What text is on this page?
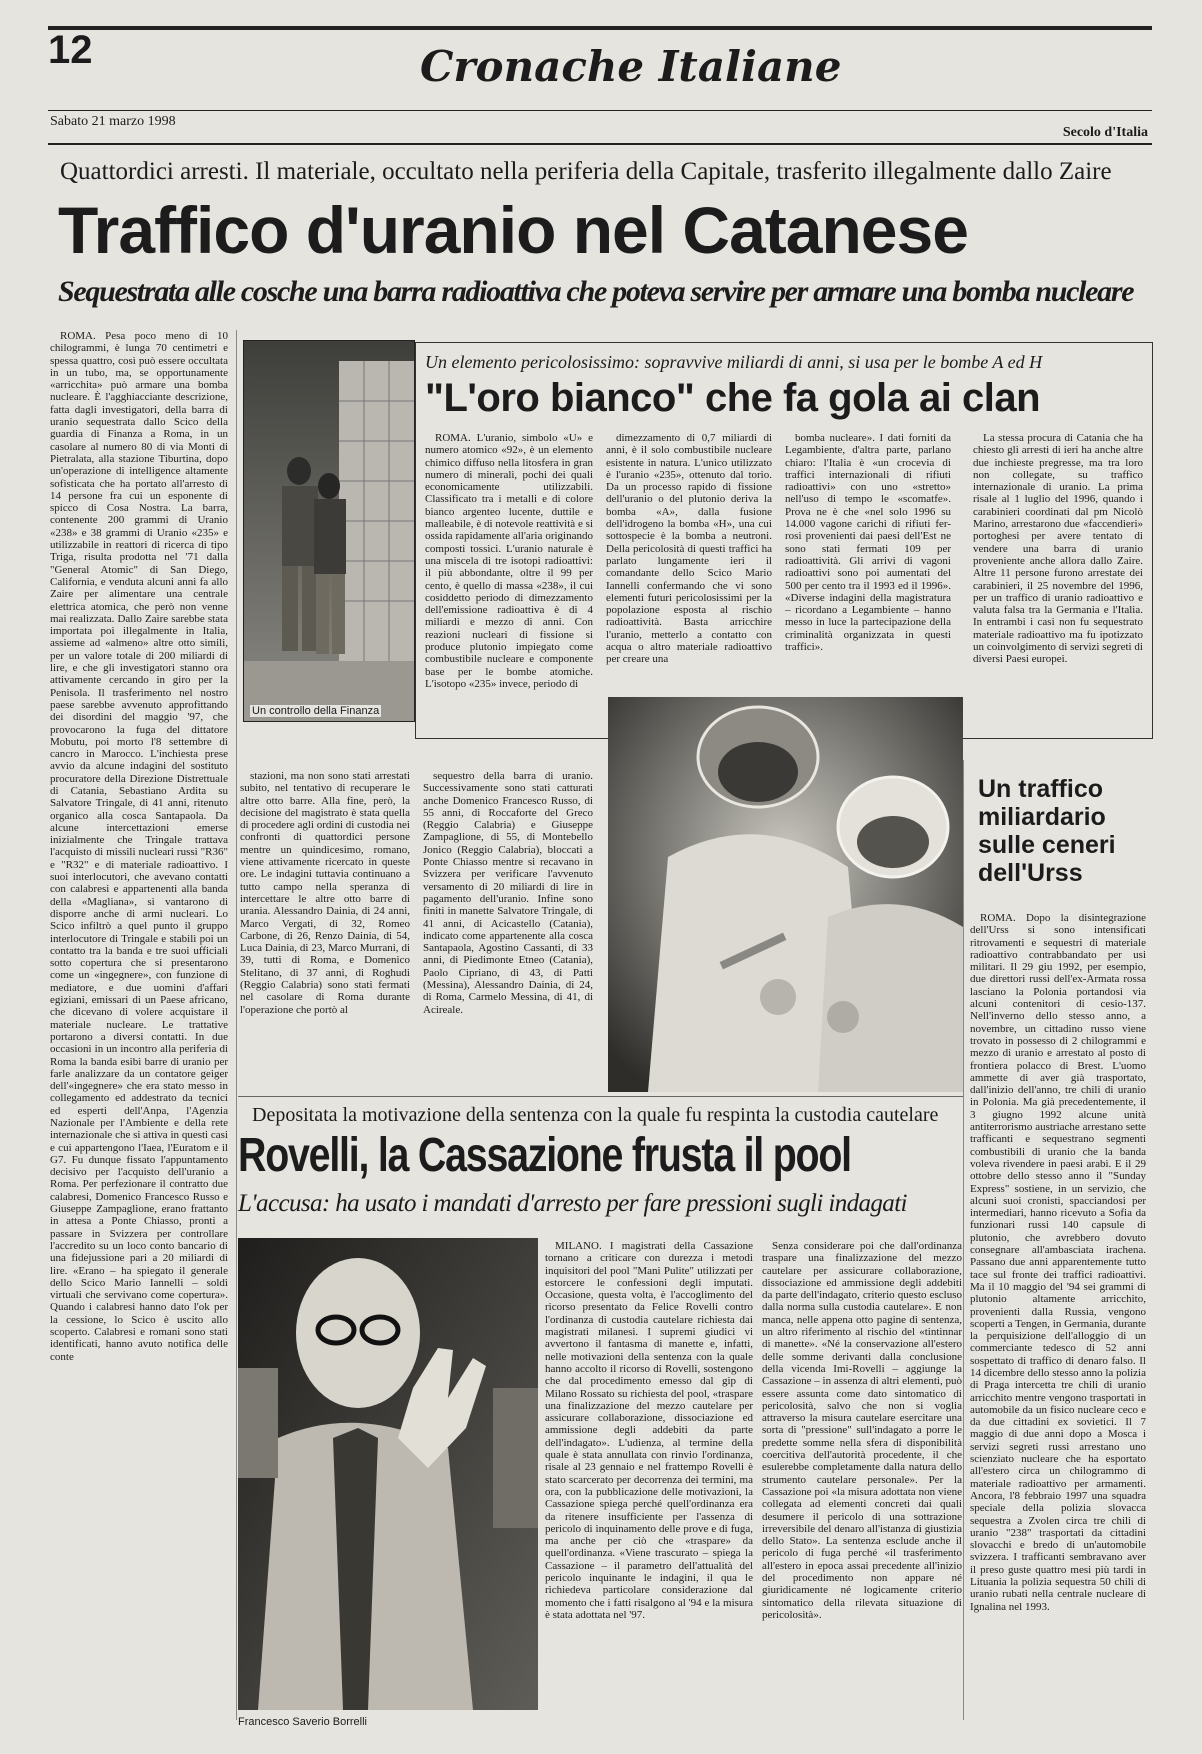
12	Cronache Italiane
Sabato 21 marzo 1998
Secolo d'Italia
Quattordici arresti. Il materiale, occultato nella periferia della Capitale, trasferito illegalmente dallo Zaire
Traffico d'uranio nel Catanese
Sequestrata alle cosche una barra radioattiva che poteva servire per armare una bomba nucleare

ROMA. Pesa poco meno di 10 chilogrammi, è lunga 70 centimetri e spessa quattro, così può essere occultata in un tubo, ma, se opportunamente «arricchita» può armare una bomba nucleare. È l'agghiacciante descrizione, fatta dagli investigatori, della barra di uranio sequestrata dallo Scico della guardia di Finanza a Roma, in un casolare al numero 80 di via Monti di Pietralata, alla stazione Tiburtina, dopo un'operazione di intelligence altamente sofisticata che ha portato all'arresto di 14 persone fra cui un esponente di spicco di Cosa Nostra. La barra, contenente 200 grammi di Uranio «238» e 38 grammi di Uranio «235» e utilizzabile in reattori di ricerca di tipo Triga, risulta prodotta nel '71 dalla "General Atomic" di San Diego, California, e venduta alcuni anni fa allo Zaire per alimentare una centrale elettrica atomica, che però non venne mai realizzata. Dallo Zaire sarebbe stata importata poi illegalmente in Italia, assieme ad «almeno» altre otto simili, per un valore totale di 200 miliardi di lire, e che gli investigatori stanno ora attivamente cercando in giro per la Penisola. Il trasferimento nel nostro paese sarebbe avvenuto approfittando dei disordini del maggio '97, che provocarono la fuga del dittatore Mobutu, poi morto l'8 settembre di cancro in Marocco. L'inchiesta prese avvio da alcune indagini del sostituto procuratore della Direzione Distrettuale di Catania, Sebastiano Ardita su Salvatore Tringale, di 41 anni, ritenuto organico alla cosca Santapaola. Da alcune intercettazioni emerse inizialmente che Tringale trattava l'acquisto di missili nucleari russi "R36" e "R32" e di materiale radioattivo. I suoi interlocutori, che avevano contatti con calabresi e appartenenti alla banda della «Magliana», si vantarono di disporre anche di armi nucleari. Lo Scico infiltrò a quel punto il gruppo interlocutore di Tringale e stabilì poi un contatto tra la banda e tre suoi ufficiali sotto copertura che si presentarono come un «ingegnere», con funzione di mediatore, e due uomini d'affari egiziani, emissari di un Paese africano, che dicevano di volere acquistare il materiale nucleare. Le trattative portarono a diversi contatti. In due occasioni in un incontro alla periferia di Roma la banda esibì barre di uranio per farle analizzare da un contatore geiger dell'«ingegnere» che era stato messo in collegamento ed addestrato da tecnici ed esperti dell'Anpa, l'Agenzia Nazionale per l'Ambiente e della rete internazionale che si attiva in questi casi e cui appartengono l'Iaea, l'Euratom e il G7. Fu dunque fissato l'appuntamento decisivo per l'acquisto dell'uranio a Roma. Per perfezionare il contratto due calabresi, Domenico Francesco Russo e Giuseppe Zampaglione, erano frattanto in attesa a Ponte Chiasso, pronti a passare in Svizzera per controllare l'accredito su un loco conto bancario di una fidejussione pari a 20 miliardi di lire. «Erano – ha spiegato il generale dello Scico Mario Iannelli – soldi virtuali che servivano come copertura». Quando i calabresi hanno dato l'ok per la cessione, lo Scico è uscito allo scoperto. Calabresi e romani sono stati identificati, hanno avuto notifica delle conte

Un controllo della Finanza
Un elemento pericolosissimo: sopravvive miliardi di anni, si usa per le bombe A ed H
"L'oro bianco" che fa gola ai clan

ROMA. L'uranio, simbolo «U» e numero atomico «92», è un elemento chimico diffuso nella litosfera in gran numero di minerali, pochi dei quali economicamente utilizzabili. Classificato tra i metalli e di colore bianco argenteo lucente, duttile e malleabile, è di notevole reattività e si ossida rapidamente all'aria originando composti tossici. L'uranio naturale è una miscela di tre isotopi radioattivi: il più abbondante, oltre il 99 per cento, è quello di massa «238», il cui cosiddetto periodo di dimezzamento dell'emissione radioattiva è di 4 miliardi e mezzo di anni. Con reazioni nucleari di fissione si produce plutonio impiegato come combustibile nucleare e componente base per le bombe atomiche. L'isotopo «235» invece, periodo di

dimezzamento di 0,7 miliardi di anni, è il solo combustibile nucleare esistente in natura. L'unico utilizzato è l'uranio «235», ottenuto dal torio. Da un processo rapido di fissione dell'uranio o del plutonio deriva la bomba «A», dalla fusione dell'idrogeno la bomba «H», una cui sottospecie è la bomba a neutroni. Della pericolosità di questi traffici ha parlato lungamente ieri il comandante dello Scico Mario Iannelli confermando che vi sono elementi futuri pericolosissimi per la popolazione esposta al rischio radioattività. Basta arricchire l'uranio, metterlo a contatto con acqua o altro materiale radioattivo per creare una

bomba nucleare». I dati forniti da Legambiente, d'altra parte, parlano chiaro: l'Italia è «un crocevia di traffici internazionali di rifiuti radioattivi» con uno «stretto» nell'uso di tempo le «scomatfe». Prova ne è che «nel solo 1996 su 14.000 vagone carichi di rifiuti fer- rosi provenienti dai paesi dell'Est ne sono stati fermati 109 per radioattività. Gli arrivi di vagoni radioattivi sono poi aumentati del 500 per cento tra il 1993 ed il 1996». «Diverse indagini della magistratura – ricordano a Legambiente – hanno messo in luce la partecipazione della criminalità organizzata in questi traffici».

La stessa procura di Catania che ha chiesto gli arresti di ieri ha anche altre due inchieste pregresse, ma tra loro non collegate, su traffico internazionale di uranio. La prima risale al 1 luglio del 1996, quando i carabinieri coordinati dal pm Nicolò Marino, arrestarono due «faccendieri» portoghesi per avere tentato di vendere una barra di uranio proveniente anche allora dallo Zaire. Altre 11 persone furono arrestate dei carabinieri, il 25 novembre del 1996, per un traffico di uranio radioattivo e valuta falsa tra la Germania e l'Italia. In entrambi i casi non fu sequestrato materiale radioattivo ma fu ipotizzato un coinvolgimento di servizi segreti di diversi Paesi europei.

Un traffico miliardario sulle ceneri dell'Urss

ROMA. Dopo la disintegrazione dell'Urss si sono intensificati ritrovamenti e sequestri di materiale radioattivo contrabbandato per usi militari. Il 29 giu 1992, per esempio, due direttori russi dell'ex-Armata rossa lasciano la Polonia portandosi via alcuni contenitori di cesio-137. Nell'inverno dello stesso anno, a novembre, un cittadino russo viene trovato in possesso di 2 chilogrammi e mezzo di uranio e arrestato al posto di frontiera polacco di Brest. L'uomo ammette di aver già trasportato, dall'inizio dell'anno, tre chili di uranio in Polonia. Ma già precedentemente, il 3 giugno 1992 alcune unità antiterrorismo austriache arrestano sette trafficanti e sequestrano segmenti combustibili di uranio che la banda voleva rivendere in paesi arabi. E il 29 ottobre dello stesso anno il "Sunday Express" sostiene, in un servizio, che alcuni suoi cronisti, spacciandosi per intermediari, hanno ricevuto a Sofia da funzionari russi 140 capsule di plutonio, che avrebbero dovuto consegnare all'ambasciata irachena. Passano due anni apparentemente tutto tace sul fronte dei traffici radioattivi. Ma il 10 maggio del '94 sei grammi di plutonio altamente arricchito, provenienti dalla Russia, vengono scoperti a Tengen, in Germania, durante la perquisizione dell'alloggio di un commerciante tedesco di 52 anni sospettato di traffico di denaro falso. Il 14 dicembre dello stesso anno la polizia di Praga intercetta tre chili di uranio arricchito mentre vengono trasportati in automobile da un fisico nucleare ceco e da due cittadini ex sovietici. Il 7 maggio di due anni dopo a Mosca i servizi segreti russi arrestano uno scienziato nucleare che ha esportato all'estero circa un chilogrammo di materiale radioattivo per armamenti. Ancora, l'8 febbraio 1997 una squadra speciale della polizia slovacca sequestra a Zvolen circa tre chili di uranio "238" trasportati da cittadini slovacchi e bredo di un'automobile svizzera. I trafficanti sembravano aver il preso guste quattro mesi più tardi in Lituania la polizia sequestra 50 chili di uranio rubati nella centrale nucleare di Ignalina nel 1993.

stazioni, ma non sono stati arrestati subito, nel tentativo di recuperare le altre otto barre. Alla fine, però, la decisione del magistrato è stata quella di procedere agli ordini di custodia nei confronti di quattordici persone mentre un quindicesimo, romano, viene attivamente ricercato in queste ore. Le indagini tuttavia continuano a tutto campo nella speranza di intercettare le altre otto barre di urania. Alessandro Dainia, di 24 anni, Marco Vergati, di 32, Romeo Carbone, di 26, Renzo Dainia, di 54, Luca Dainia, di 23, Marco Murrani, di 39, tutti di Roma, e Domenico Stelitano, di 37 anni, di Roghudi (Reggio Calabria) sono stati fermati nel casolare di Roma durante l'operazione che portò al

sequestro della barra di uranio. Successivamente sono stati catturati anche Domenico Francesco Russo, di 55 anni, di Roccaforte del Greco (Reggio Calabria) e Giuseppe Zampaglione, di 55, di Montebello Jonico (Reggio Calabria), bloccati a Ponte Chiasso mentre si recavano in Svizzera per verificare l'avvenuto versamento di 20 miliardi di lire in pagamento dell'uranio. Infine sono finiti in manette Salvatore Tringale, di 41 anni, di Acicastello (Catania), indicato come appartenente alla cosca Santapaola, Agostino Cassanti, di 33 anni, di Piedimonte Etneo (Catania), Paolo Cipriano, di 43, di Patti (Messina), Alessandro Dainia, di 24, di Roma, Carmelo Messina, di 41, di Acireale.

Depositata la motivazione della sentenza con la quale fu respinta la custodia cautelare
Rovelli, la Cassazione frusta il pool
L'accusa: ha usato i mandati d'arresto per fare pressioni sugli indagati
Francesco Saverio Borrelli

MILANO. I magistrati della Cassazione tornano a criticare con durezza i metodi inquisitori del pool "Mani Pulite" utilizzati per estorcere le confessioni degli imputati. Occasione, questa volta, è l'accoglimento del ricorso presentato da Felice Rovelli contro l'ordinanza di custodia cautelare richiesta dai magistrati milanesi. I supremi giudici vi avvertono il fantasma di manette e, infatti, nelle motivazioni della sentenza con la quale hanno accolto il ricorso di Rovelli, sostengono che dal procedimento emesso dal gip di Milano Rossato su richiesta del pool, «traspare una finalizzazione del mezzo cautelare per assicurare collaborazione, dissociazione ed ammissione degli addebiti da parte dell'indagato». L'udienza, al termine della quale è stata annullata con rinvio l'ordinanza, risale al 23 gennaio e nel frattempo Rovelli è stato scarcerato per decorrenza dei termini, ma ora, con la pubblicazione delle motivazioni, la Cassazione spiega perché quell'ordinanza era da ritenere insufficiente per l'assenza di pericolo di inquinamento delle prove e di fuga, ma anche per ciò che «traspare» da quell'ordinanza. «Viene trascurato – spiega la Cassazione – il parametro dell'attualità del pericolo inquinante le indagini, il qua le richiedeva particolare considerazione dal momento che i fatti risalgono al '94 e la misura è stata adottata nel '97.

Senza considerare poi che dall'ordinanza traspare una finalizzazione del mezzo cautelare per assicurare collaborazione, dissociazione ed ammissione degli addebiti da parte dell'indagato, criterio questo escluso dalla norma sulla custodia cautelare». E non manca, nelle appena otto pagine di sentenza, un altro riferimento al rischio del «tintinnar di manette». «Né la conservazione all'estero delle somme derivanti dalla conclusione della vicenda Imi-Rovelli – aggiunge la Cassazione – in assenza di altri elementi, può essere assunta come dato sintomatico di pericolosità, salvo che non si voglia attraverso la misura cautelare esercitare una sorta di "pressione" sull'indagato a porre le predette somme nella sfera di disponibilità coercitiva dell'autorità procedente, il che esulerebbe completamente dalla natura dello strumento cautelare personale». Per la Cassazione poi «la misura adottata non viene collegata ad elementi concreti dai quali desumere il pericolo di una sottrazione irreversibile del denaro all'istanza di giustizia dello Stato». La sentenza esclude anche il pericolo di fuga perché «il trasferimento all'estero in epoca assai precedente all'inizio del procedimento non appare né giuridicamente né logicamente criterio sintomatico della rilevata situazione di pericolosità».
